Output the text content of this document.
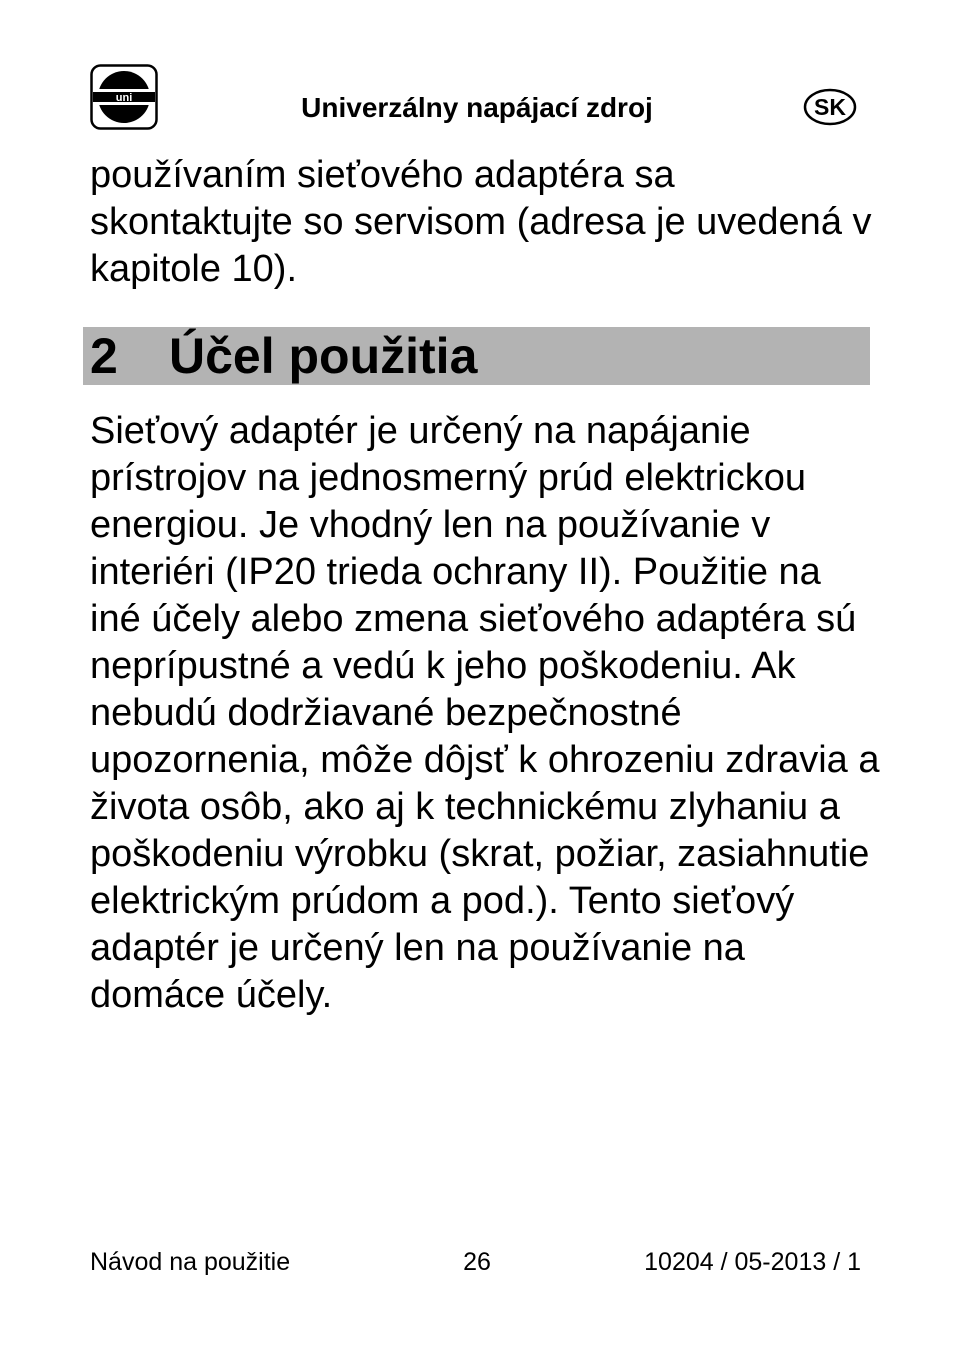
uni	Univerzálny napájací zdroj	SK

používaním sieťového adaptéra sa skontaktujte so servisom (adresa je uvedená v kapitole 10).

2 Účel použitia

Sieťový adaptér je určený na napájanie prístrojov na jednosmerný prúd elektrickou energiou. Je vhodný len na používanie v interiéri (IP20 trieda ochrany II). Použitie na iné účely alebo zmena sieťového adaptéra sú neprípustné a vedú k jeho poškodeniu. Ak nebudú dodržiavané bezpečnostné upozornenia, môže dôjsť k ohrozeniu zdravia a života osôb, ako aj k technickému zlyhaniu a poškodeniu výrobku (skrat, požiar, zasiahnutie elektrickým prúdom a pod.). Tento sieťový adaptér je určený len na používanie na domáce účely.

Návod na použitie	26	10204 / 05-2013 / 1
